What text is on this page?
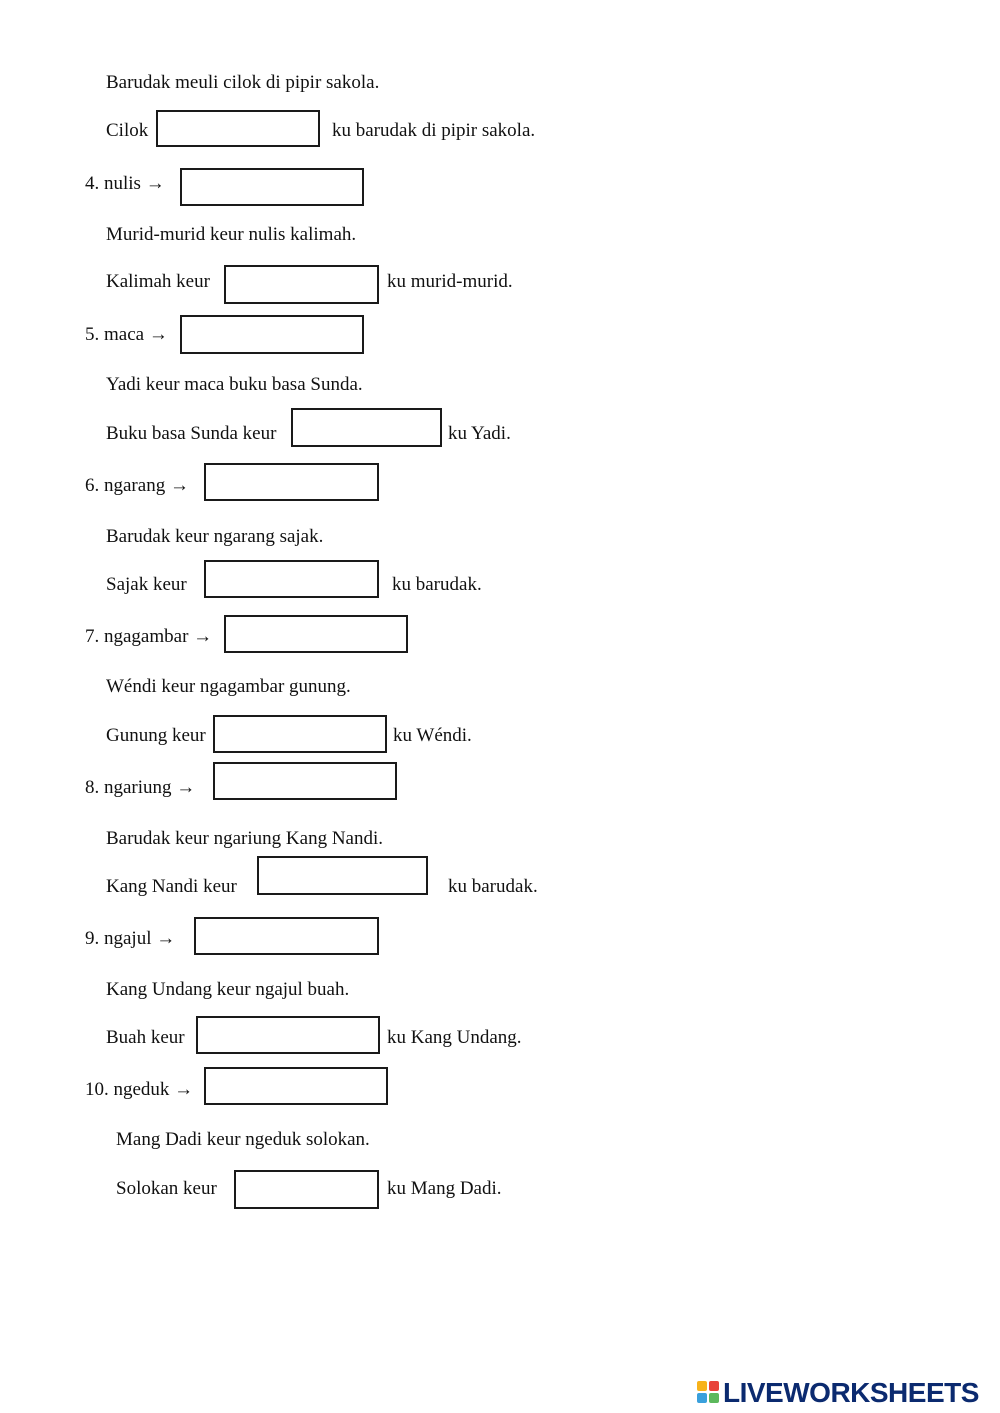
Barudak meuli cilok di pipir sakola.
Cilok	ku barudak di pipir sakola.
4. nulis →
Murid-murid keur nulis kalimah.
Kalimah keur	ku murid-murid.
5. maca →
Yadi keur maca buku basa Sunda.
Buku basa Sunda keur	ku Yadi.
6. ngarang →
Barudak keur ngarang sajak.
Sajak keur	ku barudak.
7. ngagambar →
Wéndi keur ngagambar gunung.
Gunung keur	ku Wéndi.
8. ngariung →
Barudak keur ngariung Kang Nandi.
Kang Nandi keur	ku barudak.
9. ngajul →
Kang Undang keur ngajul buah.
Buah keur	ku Kang Undang.
10. ngeduk →
Mang Dadi keur ngeduk solokan.
Solokan keur	ku Mang Dadi.
LIVEWORKSHEETS
